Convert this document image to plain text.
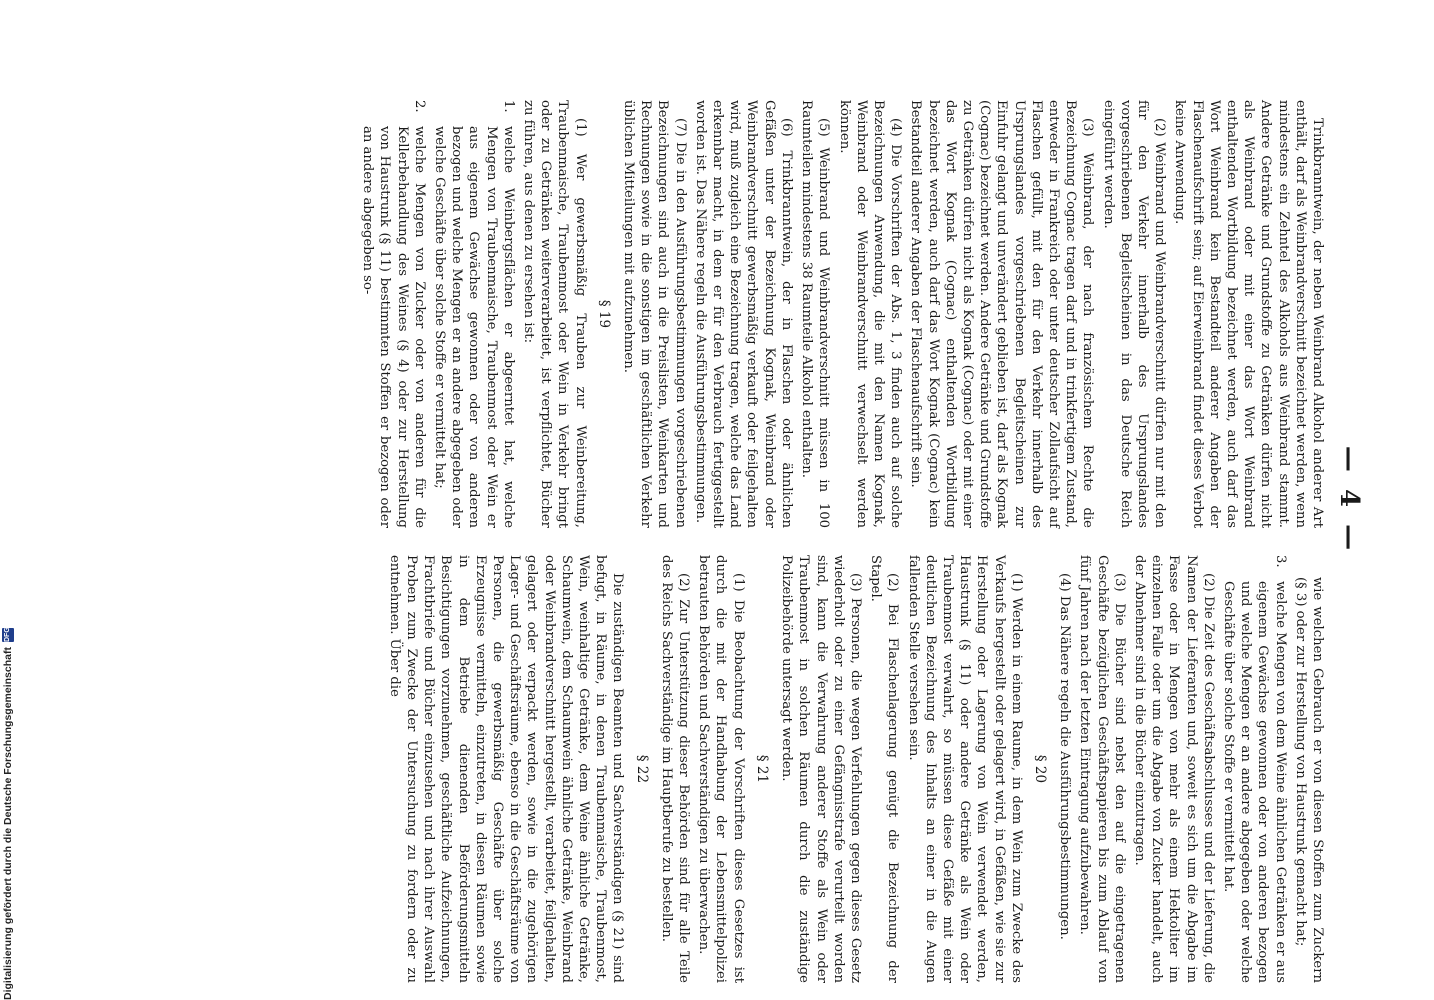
— 4 —

Trinkbranntwein, der neben Weinbrand Alkohol anderer Art enthält, darf als Weinbrandverschnitt bezeichnet werden, wenn mindestens ein Zehntel des Alkohols aus Weinbrand stammt. Andere Getränke und Grundstoffe zu Getränken dürfen nicht als Weinbrand oder mit einer das Wort Weinbrand enthaltenden Wortbildung bezeichnet werden, auch darf das Wort Weinbrand kein Bestandteil anderer Angaben der Flaschenaufschrift sein; auf Eierweinbrand findet dieses Verbot keine Anwendung.

(2) Weinbrand und Weinbrandverschnitt dürfen nur mit den für den Verkehr innerhalb des Ursprungslandes vorgeschriebenen Begleitscheinen in das Deutsche Reich eingeführt werden.

(3) Weinbrand, der nach französischem Rechte die Bezeichnung Cognac tragen darf und in trinkfertigem Zustand, entweder in Frankreich oder unter deutscher Zollaufsicht auf Flaschen gefüllt, mit den für den Verkehr innerhalb des Ursprungslandes vorgeschriebenen Begleitscheinen zur Einfuhr gelangt und unverändert geblieben ist, darf als Kognak (Cognac) bezeichnet werden. Andere Getränke und Grundstoffe zu Getränken dürfen nicht als Kognak (Cognac) oder mit einer das Wort Kognak (Cognac) enthaltenden Wortbildung bezeichnet werden, auch darf das Wort Kognak (Cognac) kein Bestandteil anderer Angaben der Flaschenaufschrift sein.

(4) Die Vorschriften der Abs. 1, 3 finden auch auf solche Bezeichnungen Anwendung, die mit den Namen Kognak, Weinbrand oder Weinbrandverschnitt verwechselt werden können.

(5) Weinbrand und Weinbrandverschnitt müssen in 100 Raumteilen mindestens 38 Raumteile Alkohol enthalten.

(6) Trinkbranntwein, der in Flaschen oder ähnlichen Gefäßen unter der Bezeichnung Kognak, Weinbrand oder Weinbrandverschnitt gewerbsmäßig verkauft oder feilgehalten wird, muß zugleich eine Bezeichnung tragen, welche das Land erkennbar macht, in dem er für den Verbrauch fertiggestellt worden ist. Das Nähere regeln die Ausführungsbestimmungen.

(7) Die in den Ausführungsbestimmungen vorgeschriebenen Bezeichnungen sind auch in die Preislisten, Weinkarten und Rechnungen sowie in die sonstigen im geschäftlichen Verkehr üblichen Mitteilungen mit aufzunehmen.

§ 19

(1) Wer gewerbsmäßig Trauben zur Weinbereitung, Traubenmaische, Traubenmost oder Wein in Verkehr bringt oder zu Getränken weiterverarbeitet, ist verpflichtet, Bücher zu führen, aus denen zu ersehen ist:

1.
welche Weinbergsflächen er abgeerntet hat, welche Mengen von Traubenmaische, Traubenmost oder Wein er aus eigenem Gewächse gewonnen oder von anderen bezogen und welche Mengen er an andere abgegeben oder welche Geschäfte über solche Stoffe er vermittelt hat;
2.
welche Mengen von Zucker oder von anderen für die Kellerbehandlung des Weines (§ 4) oder zur Herstellung von Haustrunk (§ 11) bestimmten Stoffen er bezogen oder an andere abgegeben so-

wie welchen Gebrauch er von diesen Stoffen zum Zuckern (§ 3) oder zur Herstellung von Haustrunk gemacht hat;

3.
welche Mengen von dem Weine ähnlichen Getränken er aus eigenem Gewächse gewonnen oder von anderen bezogen und welche Mengen er an andere abgegeben oder welche Geschäfte über solche Stoffe er vermittelt hat.

(2) Die Zeit des Geschäftsabschlusses und der Lieferung, die Namen der Lieferanten und, soweit es sich um die Abgabe im Fasse oder in Mengen von mehr als einem Hektoliter im einzelnen Falle oder um die Abgabe von Zucker handelt, auch der Abnehmer sind in die Bücher einzutragen.

(3) Die Bücher sind nebst den auf die eingetragenen Geschäfte bezüglichen Geschäftspapieren bis zum Ablauf von fünf Jahren nach der letzten Eintragung aufzubewahren.

(4) Das Nähere regeln die Ausführungsbestimmungen.

§ 20

(1) Werden in einem Raume, in dem Wein zum Zwecke des Verkaufs hergestellt oder gelagert wird, in Gefäßen, wie sie zur Herstellung oder Lagerung von Wein verwendet werden, Haustrunk (§ 11) oder andere Getränke als Wein oder Traubenmost verwahrt, so müssen diese Gefäße mit einer deutlichen Bezeichnung des Inhalts an einer in die Augen fallenden Stelle versehen sein.

(2) Bei Flaschenlagerung genügt die Bezeichnung der Stapel.

(3) Personen, die wegen Verfehlungen gegen dieses Gesetz wiederholt oder zu einer Gefängnisstrafe verurteilt worden sind, kann die Verwahrung anderer Stoffe als Wein oder Traubenmost in solchen Räumen durch die zuständige Polizeibehörde untersagt werden.

§ 21

(1) Die Beobachtung der Vorschriften dieses Gesetzes ist durch die mit der Handhabung der Lebensmittelpolizei betrauten Behörden und Sachverständigen zu überwachen.

(2) Zur Unterstützung dieser Behörden sind für alle Teile des Reichs Sachverständige im Hauptberufe zu bestellen.

§ 22

Die zuständigen Beamten und Sachverständigen (§ 21) sind befugt, in Räume, in denen Traubenmaische, Traubenmost, Wein, weinhaltige Getränke, dem Weine ähnliche Getränke, Schaumwein, dem Schaumwein ähnliche Getränke, Weinbrand oder Weinbrandverschnitt hergestellt, verarbeitet, feilgehalten, gelagert oder verpackt werden, sowie in die zugehörigen Lager- und Geschäftsräume, ebenso in die Geschäftsräume von Personen, die gewerbsmäßig Geschäfte über solche Erzeugnisse vermitteln, einzutreten, in diesen Räumen sowie in dem Betriebe dienenden Beförderungsmitteln Besichtigungen vorzunehmen, geschäftliche Aufzeichnungen, Frachtbriefe und Bücher einzusehen und nach ihrer Auswahl Proben zum Zwecke der Untersuchung zu fordern oder zu entnehmen. Über die

Digitalisierung gefördert durch die Deutsche Forschungsgemeinschaft
DFG
